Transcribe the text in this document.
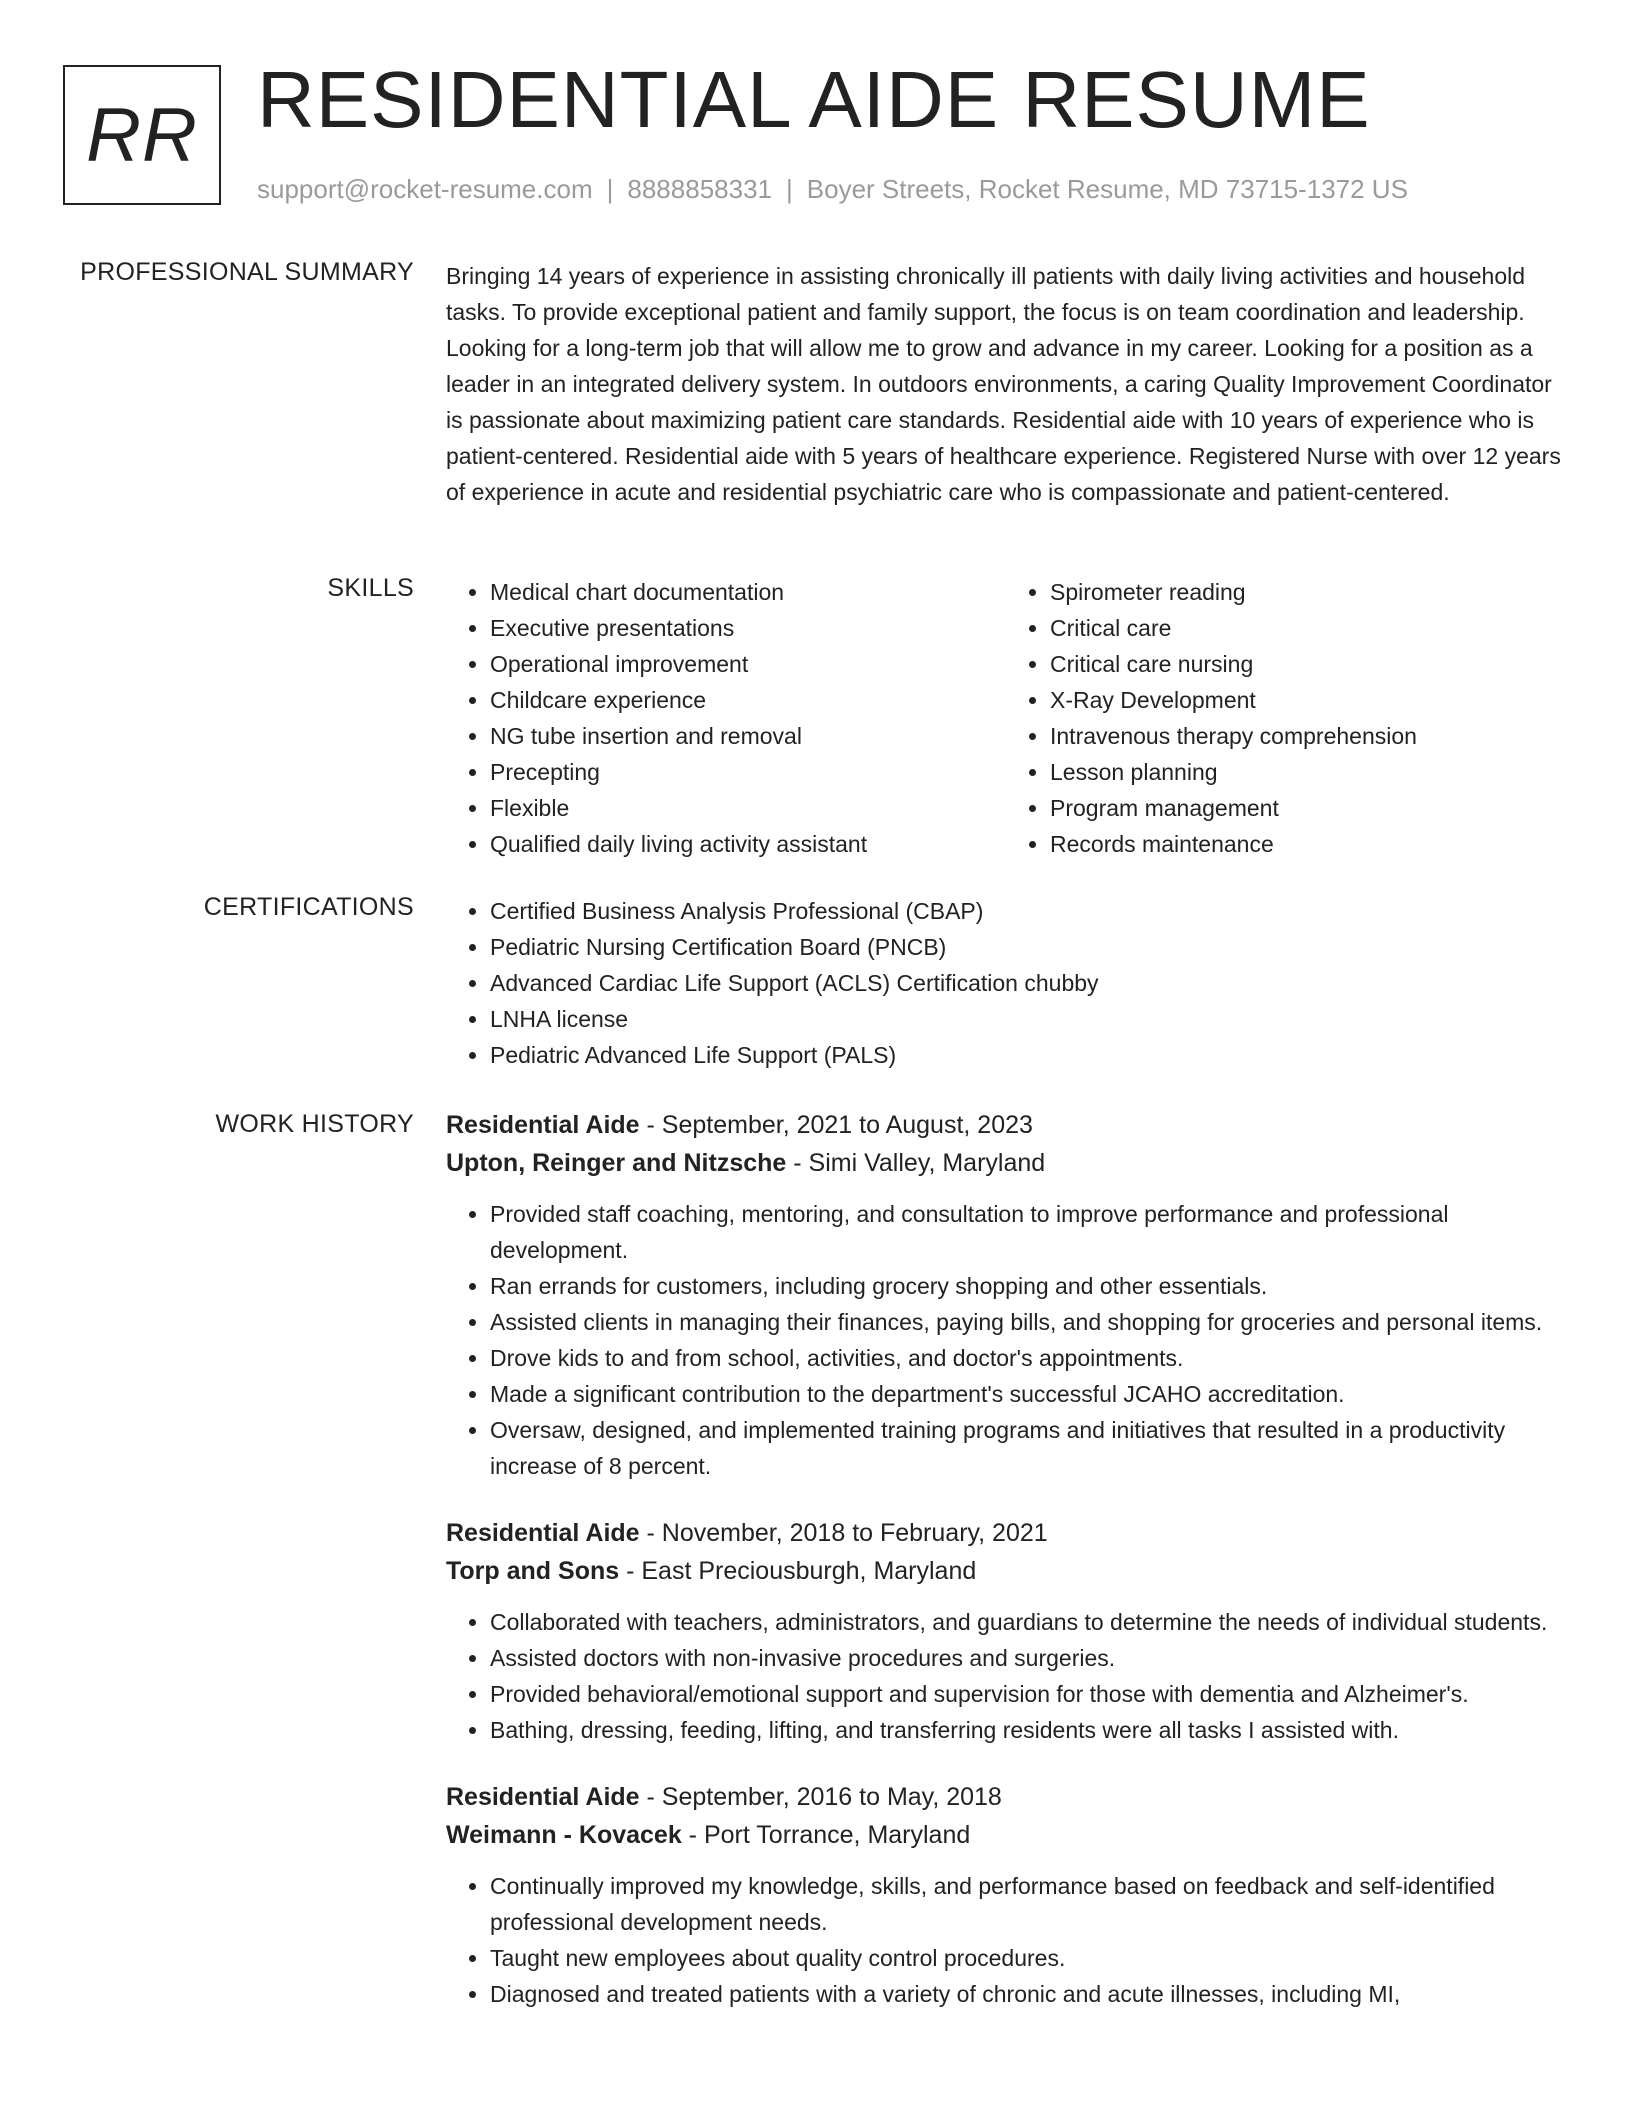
RR RESIDENTIAL AIDE RESUME
support@rocket-resume.com | 8888858331 | Boyer Streets, Rocket Resume, MD 73715-1372 US
PROFESSIONAL SUMMARY Bringing 14 years of experience in assisting chronically ill patients with daily living activities and household tasks. To provide exceptional patient and family support, the focus is on team coordination and leadership. Looking for a long-term job that will allow me to grow and advance in my career. Looking for a position as a leader in an integrated delivery system. In outdoors environments, a caring Quality Improvement Coordinator is passionate about maximizing patient care standards. Residential aide with 10 years of experience who is patient-centered. Residential aide with 5 years of healthcare experience. Registered Nurse with over 12 years of experience in acute and residential psychiatric care who is compassionate and patient-centered.
SKILLS	• Medical chart documentation
• Executive presentations
• Operational improvement
• Childcare experience
• NG tube insertion and removal
• Precepting
• Flexible
• Qualified daily living activity assistant
• Spirometer reading
• Critical care
• Critical care nursing
• X-Ray Development
• Intravenous therapy comprehension
• Lesson planning
• Program management
• Records maintenance
CERTIFICATIONS	• Certified Business Analysis Professional (CBAP)
• Pediatric Nursing Certification Board (PNCB)
• Advanced Cardiac Life Support (ACLS) Certification chubby
• LNHA license
• Pediatric Advanced Life Support (PALS)
WORK HISTORY Residential Aide - September, 2021 to August, 2023
Upton, Reinger and Nitzsche - Simi Valley, Maryland
• Provided staff coaching, mentoring, and consultation to improve performance and professional development.
• Ran errands for customers, including grocery shopping and other essentials.
• Assisted clients in managing their finances, paying bills, and shopping for groceries and personal items.
• Drove kids to and from school, activities, and doctor's appointments.
• Made a significant contribution to the department's successful JCAHO accreditation.
• Oversaw, designed, and implemented training programs and initiatives that resulted in a productivity increase of 8 percent.
Residential Aide - November, 2018 to February, 2021
Torp and Sons - East Preciousburgh, Maryland
• Collaborated with teachers, administrators, and guardians to determine the needs of individual students.
• Assisted doctors with non-invasive procedures and surgeries.
• Provided behavioral/emotional support and supervision for those with dementia and Alzheimer's.
• Bathing, dressing, feeding, lifting, and transferring residents were all tasks I assisted with.
Residential Aide - September, 2016 to May, 2018
Weimann - Kovacek - Port Torrance, Maryland
• Continually improved my knowledge, skills, and performance based on feedback and self-identified professional development needs.
• Taught new employees about quality control procedures.
• Diagnosed and treated patients with a variety of chronic and acute illnesses, including MI,
